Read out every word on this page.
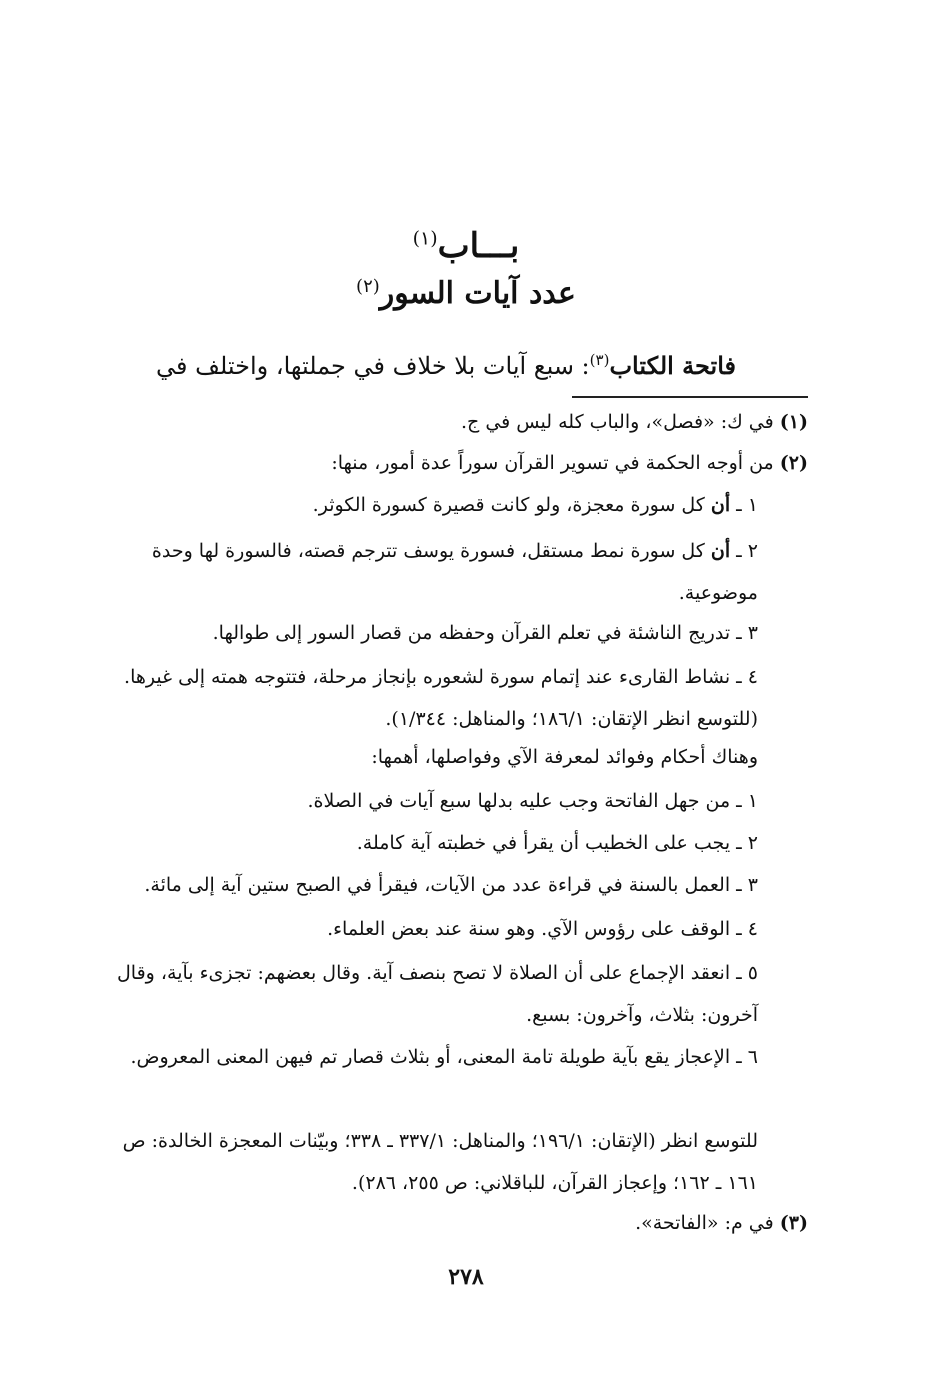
بـــاب$^{(١)}$
عدد آيات السور$^{(٢)}$
فاتحة الكتاب$^{(٣)}$: سبع آيات بلا خلاف في جملتها، واختلف في
(١) في ك: «فصل»، والباب كله ليس في ج.
(٢) من أوجه الحكمة في تسوير القرآن سوراً عدة أمور، منها:
١ ـ أن كل سورة معجزة، ولو كانت قصيرة كسورة الكوثر.
٢ ـ أن كل سورة نمط مستقل، فسورة يوسف تترجم قصته، فالسورة لها وحدة موضوعية.
٣ ـ تدريج الناشئة في تعلم القرآن وحفظه من قصار السور إلى طوالها.
٤ ـ نشاط القارىء عند إتمام سورة لشعوره بإنجاز مرحلة، فتتوجه همته إلى غيرها. (للتوسع انظر الإتقان: ١٨٦/١؛ والمناهل: ١/٣٤٤).
وهناك أحكام وفوائد لمعرفة الآي وفواصلها، أهمها:
١ ـ من جهل الفاتحة وجب عليه بدلها سبع آيات في الصلاة.
٢ ـ يجب على الخطيب أن يقرأ في خطبته آية كاملة.
٣ ـ العمل بالسنة في قراءة عدد من الآيات، فيقرأ في الصبح ستين آية إلى مائة.
٤ ـ الوقف على رؤوس الآي. وهو سنة عند بعض العلماء.
٥ ـ انعقد الإجماع على أن الصلاة لا تصح بنصف آية. وقال بعضهم: تجزىء بآية، وقال آخرون: بثلاث، وآخرون: بسبع.
٦ ـ الإعجاز يقع بآية طويلة تامة المعنى، أو بثلاث قصار تم فيهن المعنى المعروض.
للتوسع انظر (الإتقان: ١٩٦/١؛ والمناهل: ٣٣٧/١ ـ ٣٣٨؛ وبيّنات المعجزة الخالدة: ص ١٦١ ـ ١٦٢؛ وإعجاز القرآن، للباقلاني: ص ٢٥٥، ٢٨٦).
(٣) في م: «الفاتحة».
٢٧٨
